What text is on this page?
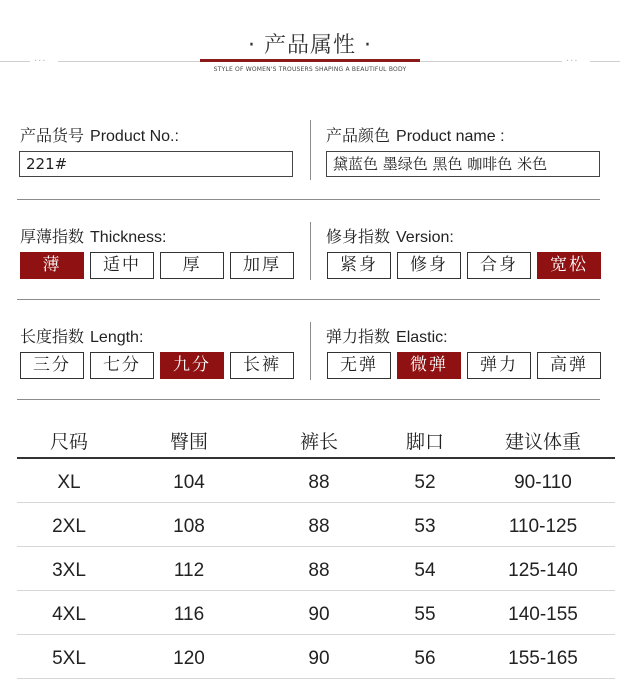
· 产品属性 ·
···	···
STYLE OF WOMEN'S TROUSERS SHAPING A BEAUTIFUL BODY
产品货号 Product No.:
221#
产品颜色 Product name :
黛蓝色 墨绿色 黑色 咖啡色 米色
厚薄指数 Thickness:
薄	适中	厚	加厚
修身指数 Version:
紧身	修身	合身	宽松
长度指数 Length:
三分	七分	九分	长裤
弹力指数 Elastic:
无弹	微弹	弹力	高弹
尺码	臀围	裤长	脚口	建议体重
XL	104	88	52	90-110
2XL	108	88	53	110-125
3XL	112	88	54	125-140
4XL	116	90	55	140-155
5XL	120	90	56	155-165
